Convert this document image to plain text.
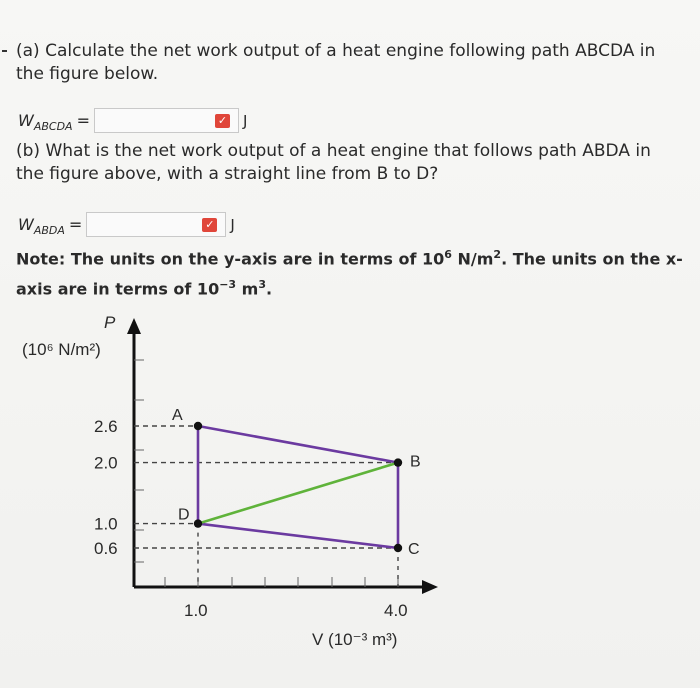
(a) Calculate the net work output of a heat engine following path ABCDA in the figure below.
$W_{ABCDA}$ =	✓ J
(b) What is the net work output of a heat engine that follows path ABDA in the figure above, with a straight line from B to D?
$W_{ABDA}$ =	✓ J
Note: The units on the y-axis are in terms of $10^6$ $N/m^2$. The units on the x-axis are in terms of $10^{-3}$ $m^3$.
P
(10⁶ N/m²)
V (10⁻³ m³)
2.6
2.0
1.0
0.6
1.0	4.0
A
B
C
D
